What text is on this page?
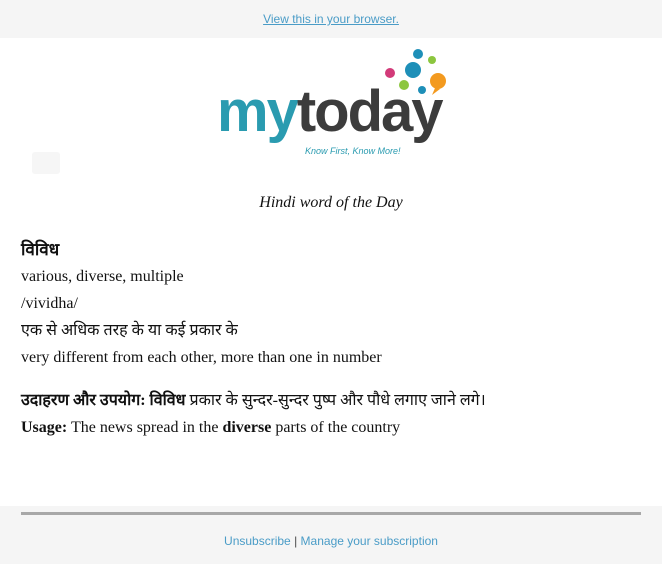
View this in your browser.
mytoday
Know First, Know More!
Hindi word of the Day
विविध
various, diverse, multiple
/vividha/
एक से अधिक तरह के या कई प्रकार के
very different from each other, more than one in number
उदाहरण और उपयोग: विविध प्रकार के सुन्दर-सुन्दर पुष्प और पौधे लगाए जाने लगे।
Usage: The news spread in the diverse parts of the country
Unsubscribe | Manage your subscription
